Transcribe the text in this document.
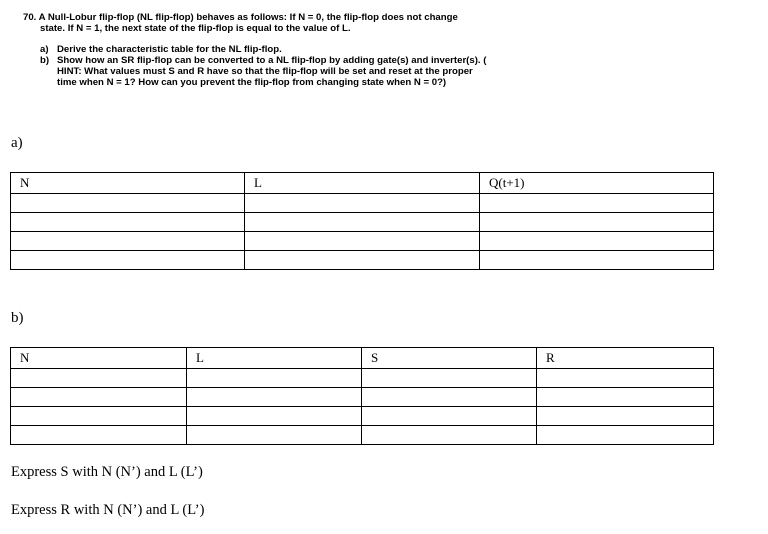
70. A Null-Lobur flip-flop (NL flip-flop) behaves as follows: If N = 0, the flip-flop does not change

state. If N = 1, the next state of the flip-flop is equal to the value of L.

a) Derive the characteristic table for the NL flip-flop.
b) Show how an SR flip-flop can be converted to a NL flip-flop by adding gate(s) and inverter(s). ( HINT: What values must S and R have so that the flip-flop will be set and reset at the proper time when N = 1? How can you prevent the flip-flop from changing state when N = 0?)
a)
N	L	Q(t+1)

b)
N	L	S	R

Express S with N (N’) and L (L’)
Express R with N (N’) and L (L’)
